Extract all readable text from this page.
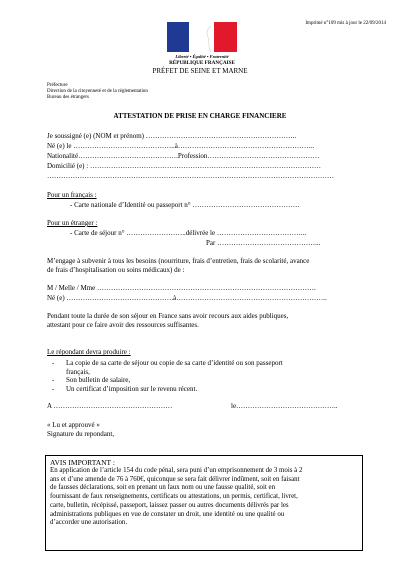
Imprimé n°109 mis à jour le 22/09/2014
Liberté • Égalité • Fraternité
RÉPUBLIQUE FRANÇAISE
PRÉFET DE SEINE ET MARNE
Préfecture
Direction de la citoyenneté et de la réglementation
Bureau des étrangers
ATTESTATION DE PRISE EN CHARGE FINANCIERE
Je soussigné (e) (NOM et prénom) ………………………………………………………..
Né (e) le ……………………………………..à…………………………………………………..
Nationalité…………………………………….Profession…………………………………………
Domicilié (e) : ………………………………………………………………………………………
……………………………………………………………………………………………………………
Pour un français :
- Carte nationale d’Identité ou passeport n° ……………………………………….
Pour un étranger :
- Carte de séjour n° ……………………..délivrée le ………………………………...
Par ……………………………………...
M’engage à subvenir à tous les besoins (nourriture, frais d’entretien, frais de scolarité, avance
de frais d’hospitalisation ou soins médicaux) de :
M / Melle / Mme ………………………………………………………………………………….
Né (e) ……………………………………….à………………………………………………………..
Pendant toute la durée de son séjour en France sans avoir recours aux aides publiques,
attestant pour ce faire avoir des ressources suffisantes.
Le répondant devra produire :
- La copie de sa carte de séjour ou copie de sa carte d’identité ou son passeport
français,
- Son bulletin de salaire,
- Un certificat d’imposition sur le revenu récent.
A ……………………………………………	le……………………………………..
« Lu et approuvé »
Signature du repondant,
AVIS IMPORTANT :
En application de l’article 154 du code pénal, sera puni d’un emprisonnement de 3 mois à 2
ans et d’une amende de 76 à 760€, quiconque se sera fait délivrer indûment, soit en faisant
de fausses déclarations, soit en prenant un faux nom ou une fausse qualité, soit en
fournissant de faux renseignements, certificats ou attestations, un permis, certificat, livret,
carte, bulletin, récépissé, passeport, laissez passer ou autres documents délivrés par les
administrations publiques en vue de constater un droit, une identité ou une qualité ou
d’accorder une autorisation.
